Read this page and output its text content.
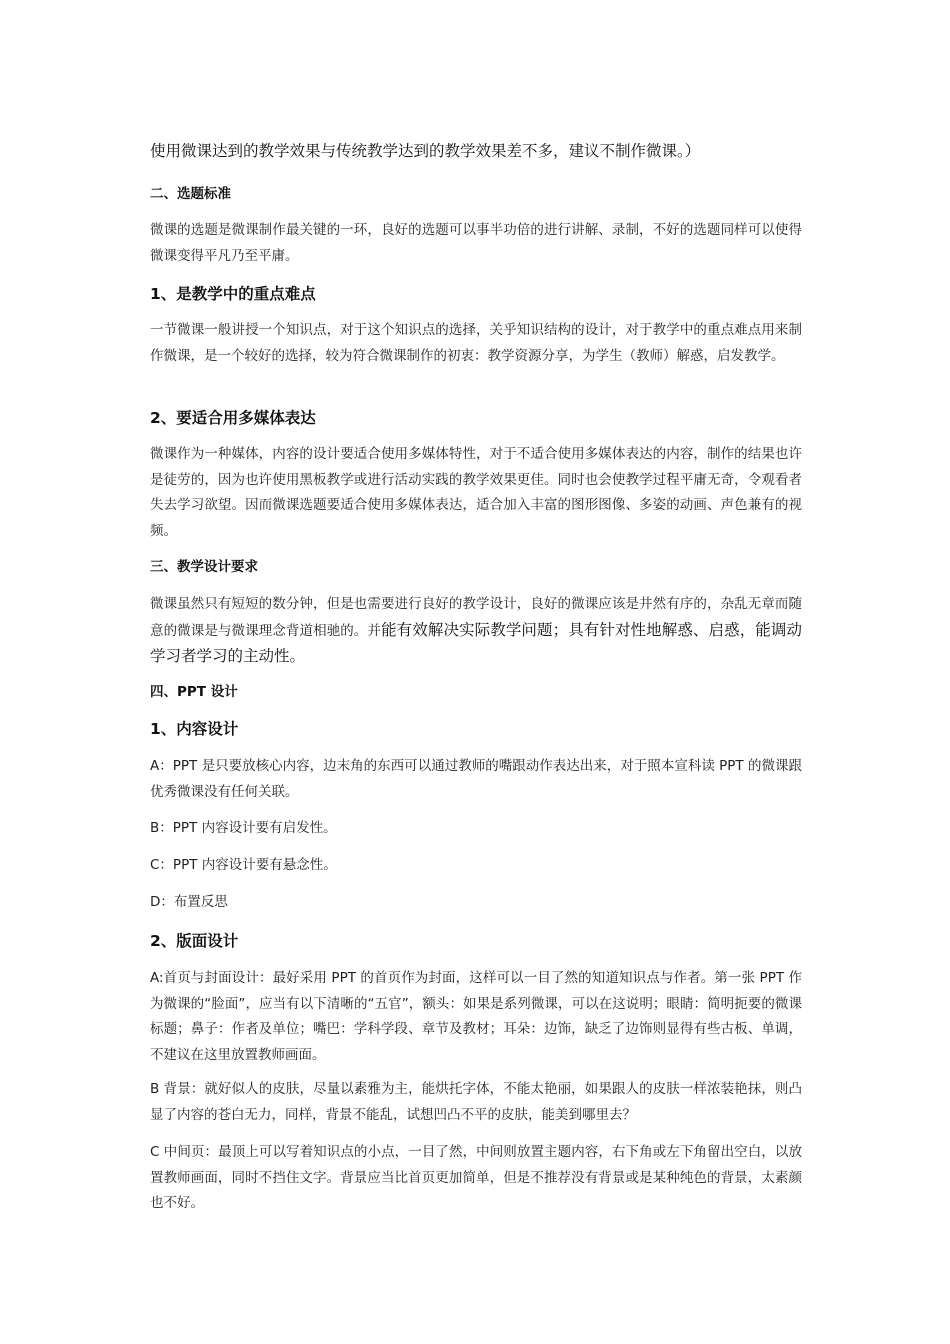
使用微课达到的教学效果与传统教学达到的教学效果差不多，建议不制作微课。）

二、选题标准

微课的选题是微课制作最关键的一环，良好的选题可以事半功倍的进行讲解、录制，不好的选题同样可以使得微课变得平凡乃至平庸。

1、是教学中的重点难点

一节微课一般讲授一个知识点，对于这个知识点的选择，关乎知识结构的设计，对于教学中的重点难点用来制作微课，是一个较好的选择，较为符合微课制作的初衷：教学资源分享，为学生（教师）解惑，启发教学。

2、要适合用多媒体表达

微课作为一种媒体，内容的设计要适合使用多媒体特性，对于不适合使用多媒体表达的内容，制作的结果也许是徒劳的，因为也许使用黑板教学或进行活动实践的教学效果更佳。同时也会使教学过程平庸无奇，令观看者失去学习欲望。因而微课选题要适合使用多媒体表达，适合加入丰富的图形图像、多姿的动画、声色兼有的视频。

三、教学设计要求

微课虽然只有短短的数分钟，但是也需要进行良好的教学设计，良好的微课应该是井然有序的，杂乱无章而随意的微课是与微课理念背道相驰的。并能有效解决实际教学问题；具有针对性地解惑、启惑，能调动学习者学习的主动性。

四、PPT 设计
1、内容设计

A：PPT 是只要放核心内容，边末角的东西可以通过教师的嘴跟动作表达出来，对于照本宣科读 PPT 的微课跟优秀微课没有任何关联。

B：PPT 内容设计要有启发性。

C：PPT 内容设计要有悬念性。

D：布置反思

2、版面设计

A:首页与封面设计：最好采用 PPT 的首页作为封面，这样可以一目了然的知道知识点与作者。第一张 PPT 作为微课的“脸面”，应当有以下清晰的“五官”，额头：如果是系列微课，可以在这说明；眼睛：简明扼要的微课标题；鼻子：作者及单位；嘴巴：学科学段、章节及教材；耳朵：边饰，缺乏了边饰则显得有些古板、单调，不建议在这里放置教师画面。

B 背景：就好似人的皮肤，尽量以素雅为主，能烘托字体，不能太艳丽，如果跟人的皮肤一样浓装艳抹，则凸显了内容的苍白无力，同样，背景不能乱，试想凹凸不平的皮肤，能美到哪里去？

C 中间页：最顶上可以写着知识点的小点，一目了然，中间则放置主题内容，右下角或左下角留出空白，以放置教师画面，同时不挡住文字。背景应当比首页更加简单，但是不推荐没有背景或是某种纯色的背景，太素颜也不好。
